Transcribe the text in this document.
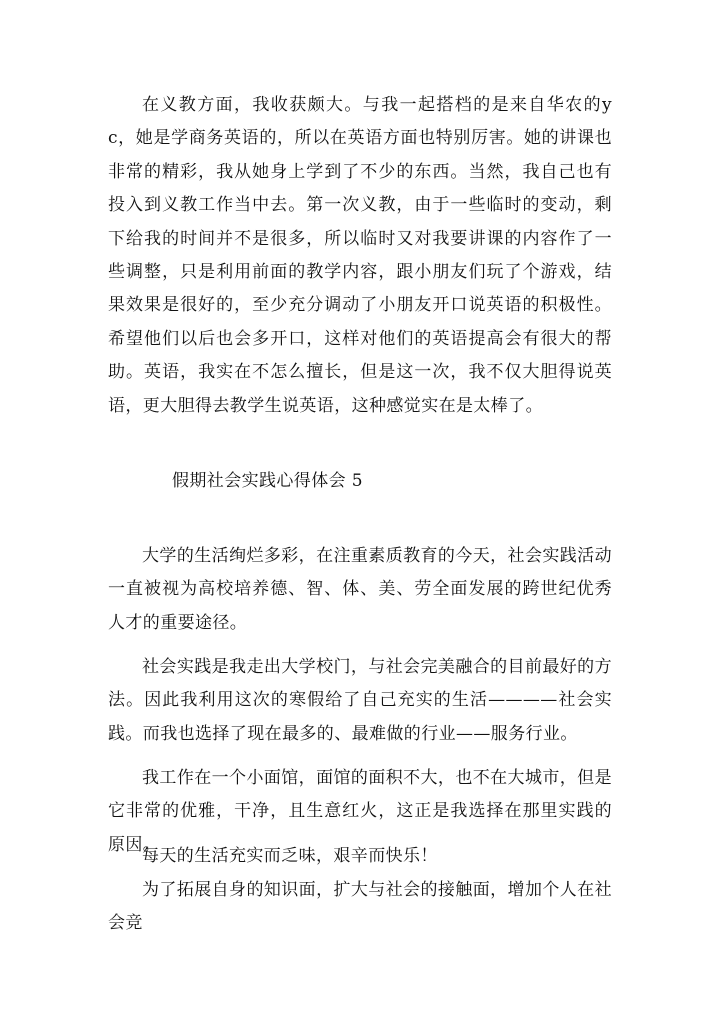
在义教方面，我收获颇大。与我一起搭档的是来自华农的yc，她是学商务英语的，所以在英语方面也特别厉害。她的讲课也非常的精彩，我从她身上学到了不少的东西。当然，我自己也有投入到义教工作当中去。第一次义教，由于一些临时的变动，剩下给我的时间并不是很多，所以临时又对我要讲课的内容作了一些调整，只是利用前面的教学内容，跟小朋友们玩了个游戏，结果效果是很好的，至少充分调动了小朋友开口说英语的积极性。希望他们以后也会多开口，这样对他们的英语提高会有很大的帮助。英语，我实在不怎么擅长，但是这一次，我不仅大胆得说英语，更大胆得去教学生说英语，这种感觉实在是太棒了。

假期社会实践心得体会 5

大学的生活绚烂多彩，在注重素质教育的今天，社会实践活动一直被视为高校培养德、智、体、美、劳全面发展的跨世纪优秀人才的重要途径。

社会实践是我走出大学校门，与社会完美融合的目前最好的方法。因此我利用这次的寒假给了自己充实的生活————社会实践。而我也选择了现在最多的、最难做的行业——服务行业。

我工作在一个小面馆，面馆的面积不大，也不在大城市，但是它非常的优雅，干净，且生意红火，这正是我选择在那里实践的原因。

每天的生活充实而乏味，艰辛而快乐！

为了拓展自身的知识面，扩大与社会的接触面，增加个人在社会竞
